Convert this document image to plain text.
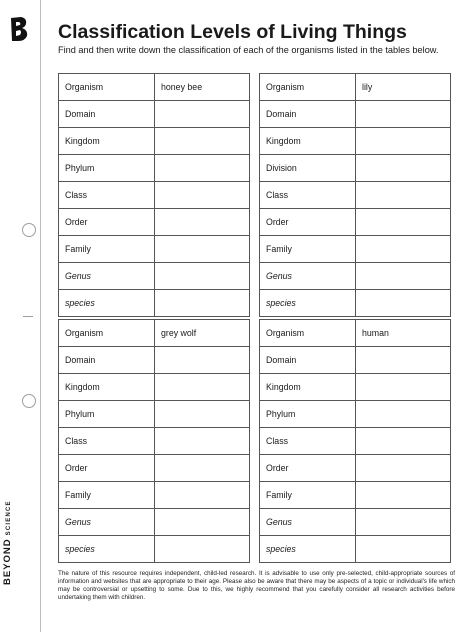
BEYONDSCIENCE
Classification Levels of Living Things
Find and then write down the classification of each of the organisms listed in the tables below.
Organism	honey bee
Domain	
Kingdom	
Phylum	
Class	
Order	
Family	
Genus	
species	
Organism	lily
Domain	
Kingdom	
Division	
Class	
Order	
Family	
Genus	
species	
Organism	grey wolf
Domain	
Kingdom	
Phylum	
Class	
Order	
Family	
Genus	
species	
Organism	human
Domain	
Kingdom	
Phylum	
Class	
Order	
Family	
Genus	
species	
The nature of this resource requires independent, child-led research. It is advisable to use only pre-selected, child-appropriate sources of information and websites that are appropriate to their age. Please also be aware that there may be aspects of a topic or individual's life which may be controversial or upsetting to some. Due to this, we highly recommend that you carefully consider all research activities before undertaking them with children.
